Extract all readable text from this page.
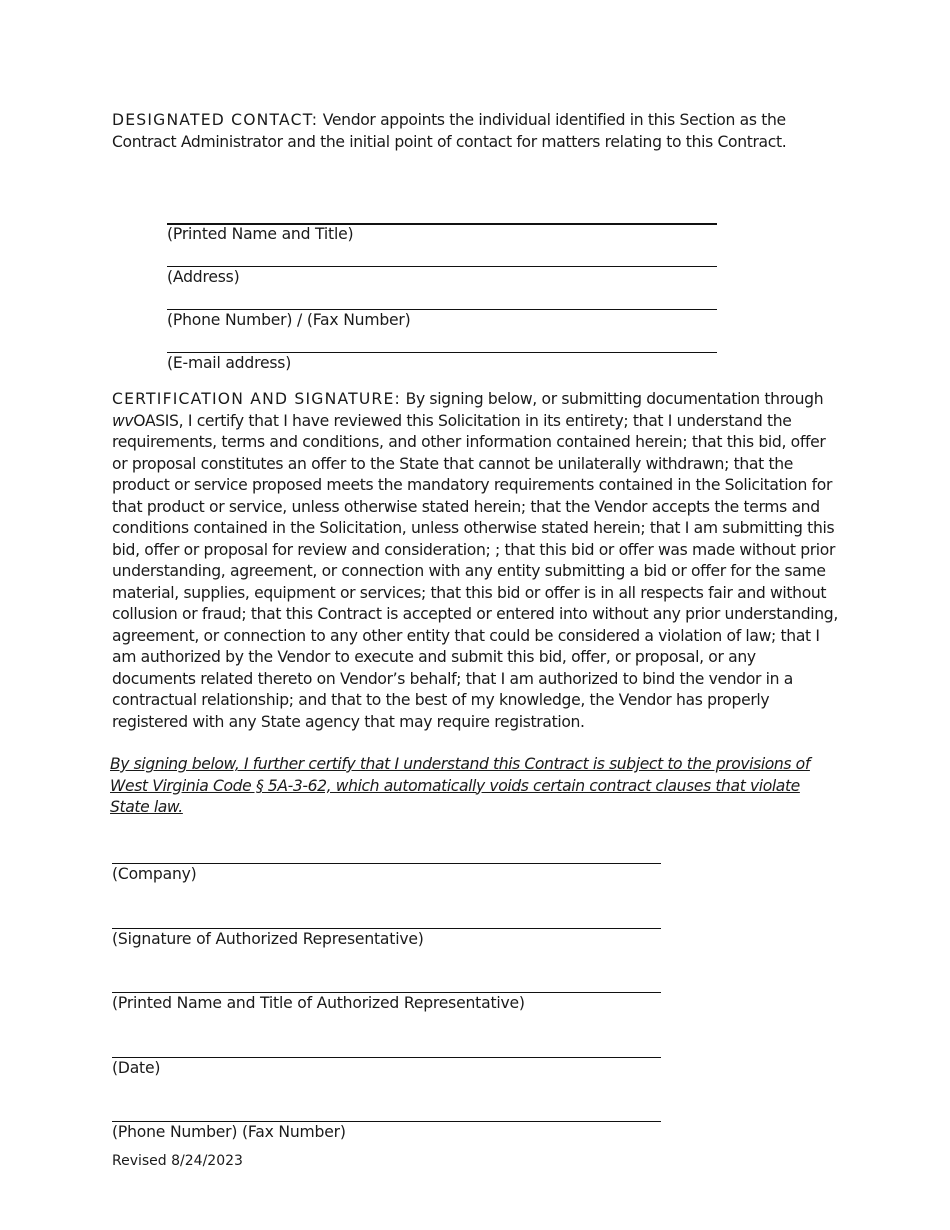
DESIGNATED CONTACT: Vendor appoints the individual identified in this Section as the Contract Administrator and the initial point of contact for matters relating to this Contract.

(Printed Name and Title)
(Address)
(Phone Number) / (Fax Number)
(E-mail address)

CERTIFICATION AND SIGNATURE: By signing below, or submitting documentation through wvOASIS, I certify that I have reviewed this Solicitation in its entirety; that I understand the requirements, terms and conditions, and other information contained herein; that this bid, offer or proposal constitutes an offer to the State that cannot be unilaterally withdrawn; that the product or service proposed meets the mandatory requirements contained in the Solicitation for that product or service, unless otherwise stated herein; that the Vendor accepts the terms and conditions contained in the Solicitation, unless otherwise stated herein; that I am submitting this bid, offer or proposal for review and consideration; ; that this bid or offer was made without prior understanding, agreement, or connection with any entity submitting a bid or offer for the same material, supplies, equipment or services; that this bid or offer is in all respects fair and without collusion or fraud; that this Contract is accepted or entered into without any prior understanding, agreement, or connection to any other entity that could be considered a violation of law; that I am authorized by the Vendor to execute and submit this bid, offer, or proposal, or any documents related thereto on Vendor’s behalf; that I am authorized to bind the vendor in a contractual relationship; and that to the best of my knowledge, the Vendor has properly registered with any State agency that may require registration.

By signing below, I further certify that I understand this Contract is subject to the provisions of West Virginia Code § 5A-3-62, which automatically voids certain contract clauses that violate State law.

(Company)
(Signature of Authorized Representative)
(Printed Name and Title of Authorized Representative)
(Date)
(Phone Number) (Fax Number)
Revised 8/24/2023
